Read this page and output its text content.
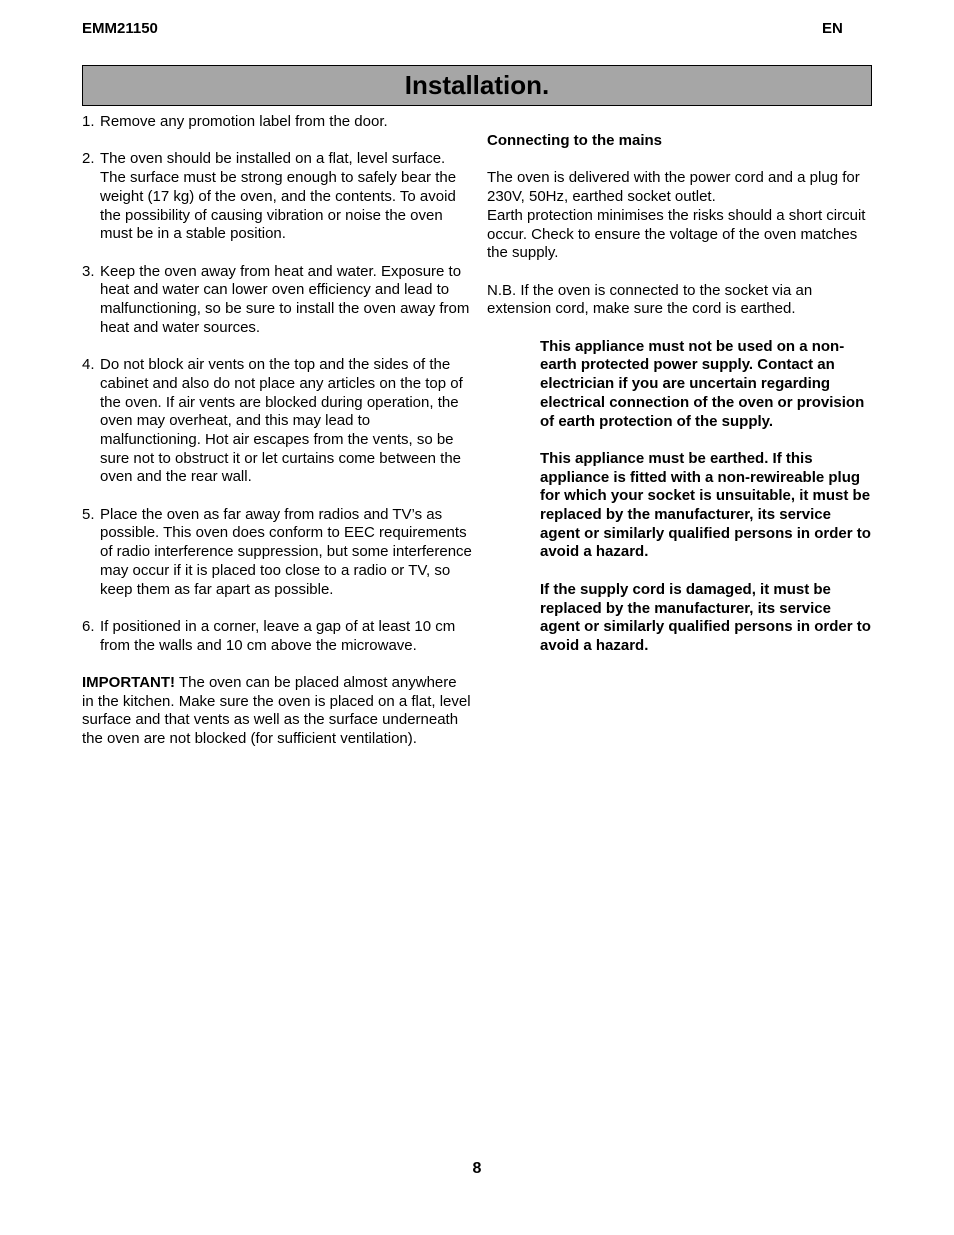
EMM21150	EN
Installation.
1. Remove any promotion label from the door.
2. The oven should be installed on a flat, level surface. The surface must be strong enough to safely bear the weight (17 kg) of the oven, and the contents. To avoid the possibility of causing vibration or noise the oven must be in a stable position.
3. Keep the oven away from heat and water. Exposure to heat and water can lower oven efficiency and lead to malfunctioning, so be sure to install the oven away from heat and water sources.
4. Do not block air vents on the top and the sides of the cabinet and also do not place any articles on the top of the oven. If air vents are blocked during operation, the oven may overheat, and this may lead to malfunctioning. Hot air escapes from the vents, so be sure not to obstruct it or let curtains come between the oven and the rear wall.
5. Place the oven as far away from radios and TV’s as possible. This oven does conform to EEC requirements of radio interference suppression, but some interference may occur if it is placed too close to a radio or TV, so keep them as far apart as possible.
6. If positioned in a corner, leave a gap of at least 10 cm from the walls and 10 cm above the microwave.

IMPORTANT! The oven can be placed almost anywhere in the kitchen. Make sure the oven is placed on a flat, level surface and that vents as well as the surface underneath the oven are not blocked (for sufficient ventilation).

Connecting to the mains

The oven is delivered with the power cord and a plug for 230V, 50Hz, earthed socket outlet.

Earth protection minimises the risks should a short circuit occur. Check to ensure the voltage of the oven matches the supply.

N.B. If the oven is connected to the socket via an extension cord, make sure the cord is earthed.

This appliance must not be used on a non-earth protected power supply. Contact an electrician if you are uncertain regarding electrical connection of the oven or provision of earth protection of the supply.

This appliance must be earthed. If this appliance is fitted with a non-rewireable plug for which your socket is unsuitable, it must be replaced by the manufacturer, its service agent or similarly qualified persons in order to avoid a hazard.

If the supply cord is damaged, it must be replaced by the manufacturer, its service agent or similarly qualified persons in order to avoid a hazard.

8
